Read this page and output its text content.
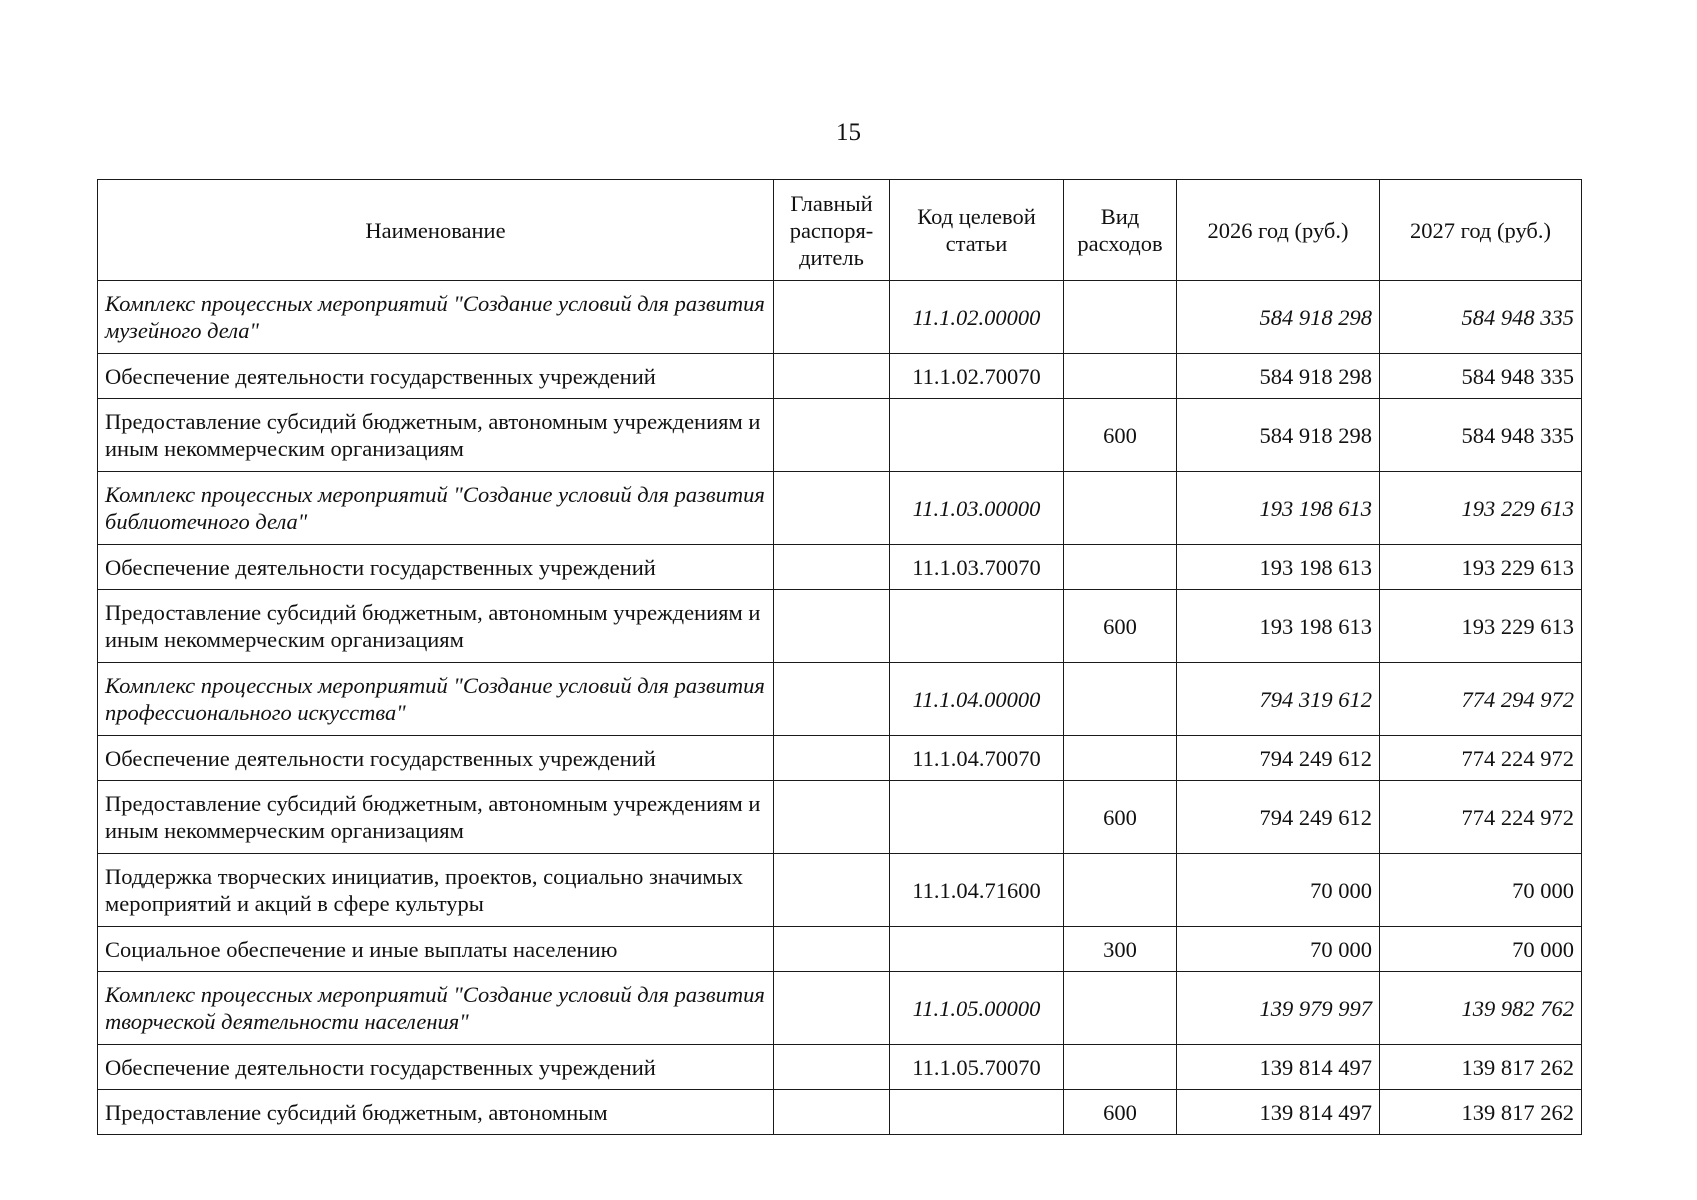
15
Наименование	Главный распоря-дитель	Код целевой статьи	Вид расходов	2026 год (руб.)	2027 год (руб.)
Комплекс процессных мероприятий "Создание условий для развития музейного дела"		11.1.02.00000		584 918 298	584 948 335
Обеспечение деятельности государственных учреждений		11.1.02.70070		584 918 298	584 948 335
Предоставление субсидий бюджетным, автономным учреждениям и иным некоммерческим организациям			600	584 918 298	584 948 335
Комплекс процессных мероприятий "Создание условий для развития библиотечного дела"		11.1.03.00000		193 198 613	193 229 613
Обеспечение деятельности государственных учреждений		11.1.03.70070		193 198 613	193 229 613
Предоставление субсидий бюджетным, автономным учреждениям и иным некоммерческим организациям			600	193 198 613	193 229 613
Комплекс процессных мероприятий "Создание условий для развития профессионального искусства"		11.1.04.00000		794 319 612	774 294 972
Обеспечение деятельности государственных учреждений		11.1.04.70070		794 249 612	774 224 972
Предоставление субсидий бюджетным, автономным учреждениям и иным некоммерческим организациям			600	794 249 612	774 224 972
Поддержка творческих инициатив, проектов, социально значимых мероприятий и акций в сфере культуры		11.1.04.71600		70 000	70 000
Социальное обеспечение и иные выплаты населению			300	70 000	70 000
Комплекс процессных мероприятий "Создание условий для развития творческой деятельности населения"		11.1.05.00000		139 979 997	139 982 762
Обеспечение деятельности государственных учреждений		11.1.05.70070		139 814 497	139 817 262
Предоставление субсидий бюджетным, автономным			600	139 814 497	139 817 262
